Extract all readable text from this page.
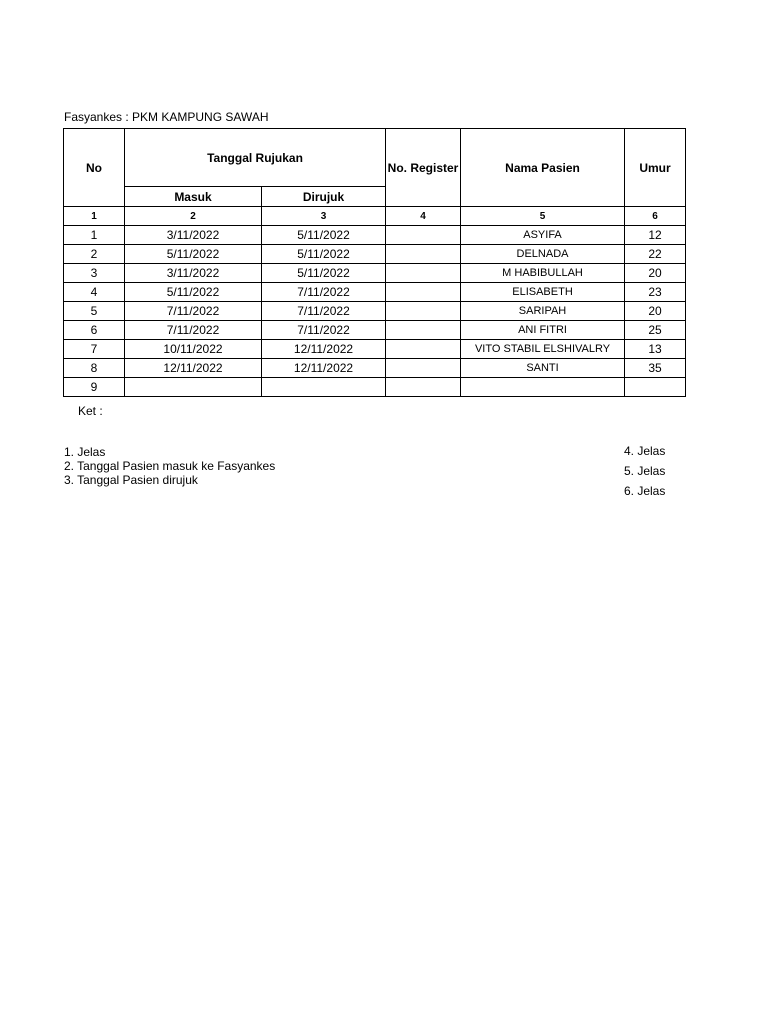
Fasyankes : PKM KAMPUNG SAWAH
No	Tanggal Rujukan		No. Register	Nama Pasien	Umur
	Masuk	Dirujuk			
1	2	3	4	5	6
1	3/11/2022	5/11/2022		ASYIFA	12
2	5/11/2022	5/11/2022		DELNADA	22
3	3/11/2022	5/11/2022		M HABIBULLAH	20
4	5/11/2022	7/11/2022		ELISABETH	23
5	7/11/2022	7/11/2022		SARIPAH	20
6	7/11/2022	7/11/2022		ANI FITRI	25
7	10/11/2022	12/11/2022		VITO STABIL ELSHIVALRY	13
8	12/11/2022	12/11/2022		SANTI	35
9					
Ket :
1. Jelas
2. Tanggal Pasien masuk ke Fasyankes
3. Tanggal Pasien dirujuk
4. Jelas
5. Jelas
6. Jelas
